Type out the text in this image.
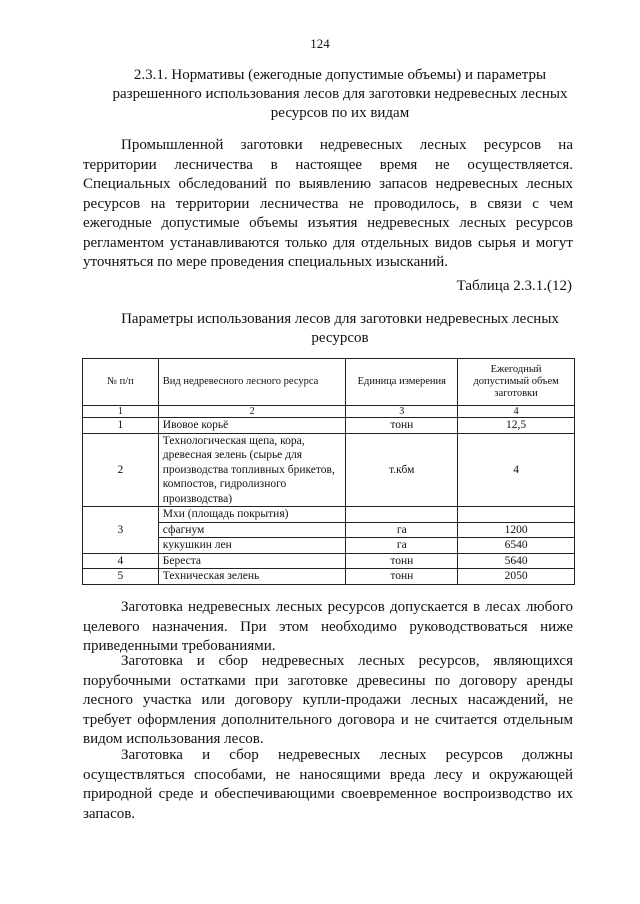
124
2.3.1. Нормативы (ежегодные допустимые объемы) и параметры
разрешенного использования лесов для заготовки недревесных лесных
ресурсов по их видам

Промышленной заготовки недревесных лесных ресурсов на территории лесничества в настоящее время не осуществляется. Специальных обследований по выявлению запасов недревесных лесных ресурсов на территории лесничества не проводилось, в связи с чем ежегодные допустимые объемы изъятия недревесных лесных ресурсов регламентом устанавливаются только для отдельных видов сырья и могут уточняться по мере проведения специальных изысканий.

Таблица 2.3.1.(12)
Параметры использования лесов для заготовки недревесных лесных
ресурсов
№ п/п	Вид недревесного лесного ресурса	Единица измерения	Ежегодный допустимый объем заготовки
1	2	3	4
1	Ивовое корьё	тонн	12,5
2	Технологическая щепа, кора, древесная зелень (сырье для производства топливных брикетов, компостов, гидролизного производства)	т.кбм	4
3	Мхи (площадь покрытия)		
	сфагнум	га	1200
	кукушкин лен	га	6540
4	Береста	тонн	5640
5	Техническая зелень	тонн	2050

Заготовка недревесных лесных ресурсов допускается в лесах любого целевого назначения. При этом необходимо руководствоваться ниже приведенными требованиями.

Заготовка и сбор недревесных лесных ресурсов, являющихся порубочными остатками при заготовке древесины по договору аренды лесного участка или договору купли-продажи лесных насаждений, не требует оформления дополнительного договора и не считается отдельным видом использования лесов.

Заготовка и сбор недревесных лесных ресурсов должны осуществляться способами, не наносящими вреда лесу и окружающей природной среде и обеспечивающими своевременное воспроизводство их запасов.
